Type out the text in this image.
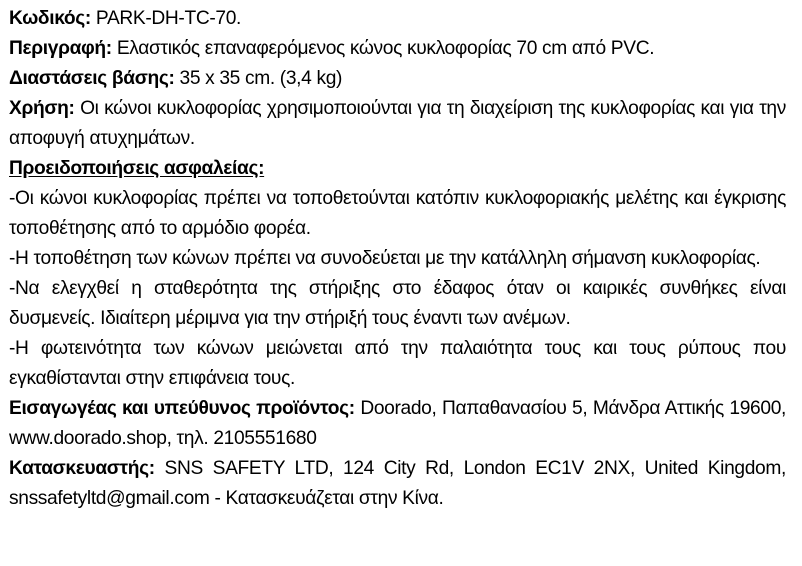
Κωδικός: PARK-DH-TC-70.

Περιγραφή: Ελαστικός επαναφερόμενος κώνος κυκλοφορίας 70 cm από PVC.

Διαστάσεις βάσης: 35 x 35 cm. (3,4 kg)

Χρήση: Οι κώνοι κυκλοφορίας χρησιμοποιούνται για τη διαχείριση της κυκλοφορίας και για την αποφυγή ατυχημάτων.

Προειδοποιήσεις ασφαλείας:

-Οι κώνοι κυκλοφορίας πρέπει να τοποθετούνται κατόπιν κυκλοφοριακής μελέτης και έγκρισης τοποθέτησης από το αρμόδιο φορέα.

-Η τοποθέτηση των κώνων πρέπει να συνοδεύεται με την κατάλληλη σήμανση κυκλοφορίας.

-Να ελεγχθεί η σταθερότητα της στήριξης στο έδαφος όταν οι καιρικές συνθήκες είναι δυσμενείς. Ιδιαίτερη μέριμνα για την στήριξή τους έναντι των ανέμων.

-Η φωτεινότητα των κώνων μειώνεται από την παλαιότητα τους και τους ρύπους που εγκαθίστανται στην επιφάνεια τους.

Εισαγωγέας και υπεύθυνος προϊόντος: Doorado, Παπαθανασίου 5, Μάνδρα Αττικής 19600, www.doorado.shop, τηλ. 2105551680

Κατασκευαστής: SNS SAFETY LTD, 124 City Rd, London EC1V 2NX, United Kingdom, snssafetyltd@gmail.com - Κατασκευάζεται στην Κίνα.
